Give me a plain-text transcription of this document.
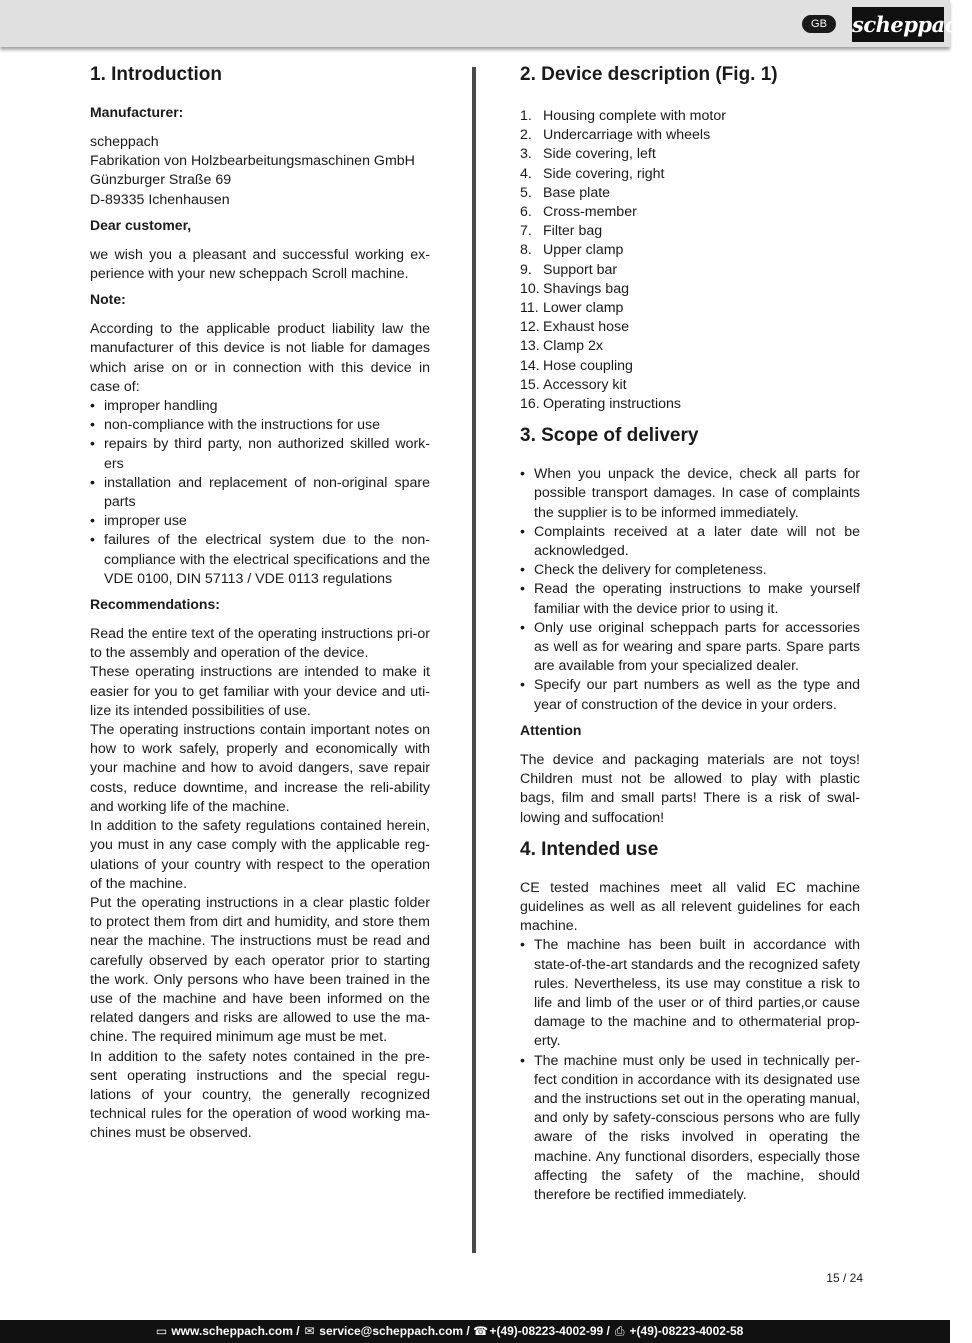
GB	scheppach
1. Introduction
Manufacturer:
scheppach
Fabrikation von Holzbearbeitungsmaschinen GmbH
Günzburger Straße 69
D-89335 Ichenhausen
Dear customer,

we wish you a pleasant and successful working ex-perience with your new scheppach Scroll machine.

Note:

According to the applicable product liability law the manufacturer of this device is not liable for damages which arise on or in connection with this device in case of:

• improper handling
• non-compliance with the instructions for use
• repairs by third party, non authorized skilled work-ers
• installation and replacement of non-original spare parts
• improper use
• failures of the electrical system due to the non-compliance with the electrical specifications and the VDE 0100, DIN 57113 / VDE 0113 regulations
Recommendations:

Read the entire text of the operating instructions pri-or to the assembly and operation of the device.

These operating instructions are intended to make it easier for you to get familiar with your device and uti-lize its intended possibilities of use.

The operating instructions contain important notes on how to work safely, properly and economically with your machine and how to avoid dangers, save repair costs, reduce downtime, and increase the reli-ability and working life of the machine.

In addition to the safety regulations contained herein, you must in any case comply with the applicable reg-ulations of your country with respect to the operation of the machine.

Put the operating instructions in a clear plastic folder to protect them from dirt and humidity, and store them near the machine. The instructions must be read and carefully observed by each operator prior to starting the work. Only persons who have been trained in the use of the machine and have been informed on the related dangers and risks are allowed to use the ma-chine. The required minimum age must be met.

In addition to the safety notes contained in the pre-sent operating instructions and the special regu-lations of your country, the generally recognized technical rules for the operation of wood working ma-chines must be observed.

2. Device description (Fig. 1)
1. Housing complete with motor
2. Undercarriage with wheels
3. Side covering, left
4. Side covering, right
5. Base plate
6. Cross-member
7. Filter bag
8. Upper clamp
9. Support bar
10. Shavings bag
11. Lower clamp
12. Exhaust hose
13. Clamp 2x
14. Hose coupling
15. Accessory kit
16. Operating instructions
3. Scope of delivery
• When you unpack the device, check all parts for possible transport damages. In case of complaints the supplier is to be informed immediately.
• Complaints received at a later date will not be acknowledged.
• Check the delivery for completeness.
• Read the operating instructions to make yourself familiar with the device prior to using it.
• Only use original scheppach parts for accessories as well as for wearing and spare parts. Spare parts are available from your specialized dealer.
• Specify our part numbers as well as the type and year of construction of the device in your orders.
Attention

The device and packaging materials are not toys! Children must not be allowed to play with plastic bags, film and small parts! There is a risk of swal-lowing and suffocation!

4. Intended use

CE tested machines meet all valid EC machine guidelines as well as all relevent guidelines for each machine.

• The machine has been built in accordance with state-of-the-art standards and the recognized safety rules. Nevertheless, its use may constitue a risk to life and limb of the user or of third parties,or cause damage to the machine and to othermaterial prop-erty.
• The machine must only be used in technically per-fect condition in accordance with its designated use and the instructions set out in the operating manual, and only by safety-conscious persons who are fully aware of the risks involved in operating the machine. Any functional disorders, especially those affecting the safety of the machine, should therefore be rectified immediately.
15 / 24
▭ www.scheppach.com / ✉ service@scheppach.com / ☎ +(49)-08223-4002-99 / ⎙ +(49)-08223-4002-58
